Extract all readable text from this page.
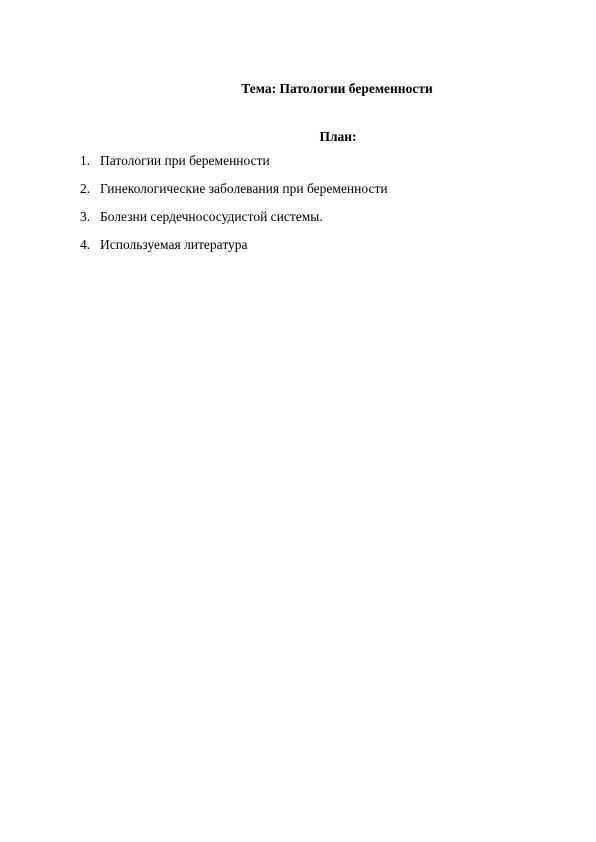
Тема: Патологии беременности
План:
1. Патологии при беременности
2. Гинекологические заболевания при беременности
3. Болезни сердечнососудистой системы.
4. Используемая литература
